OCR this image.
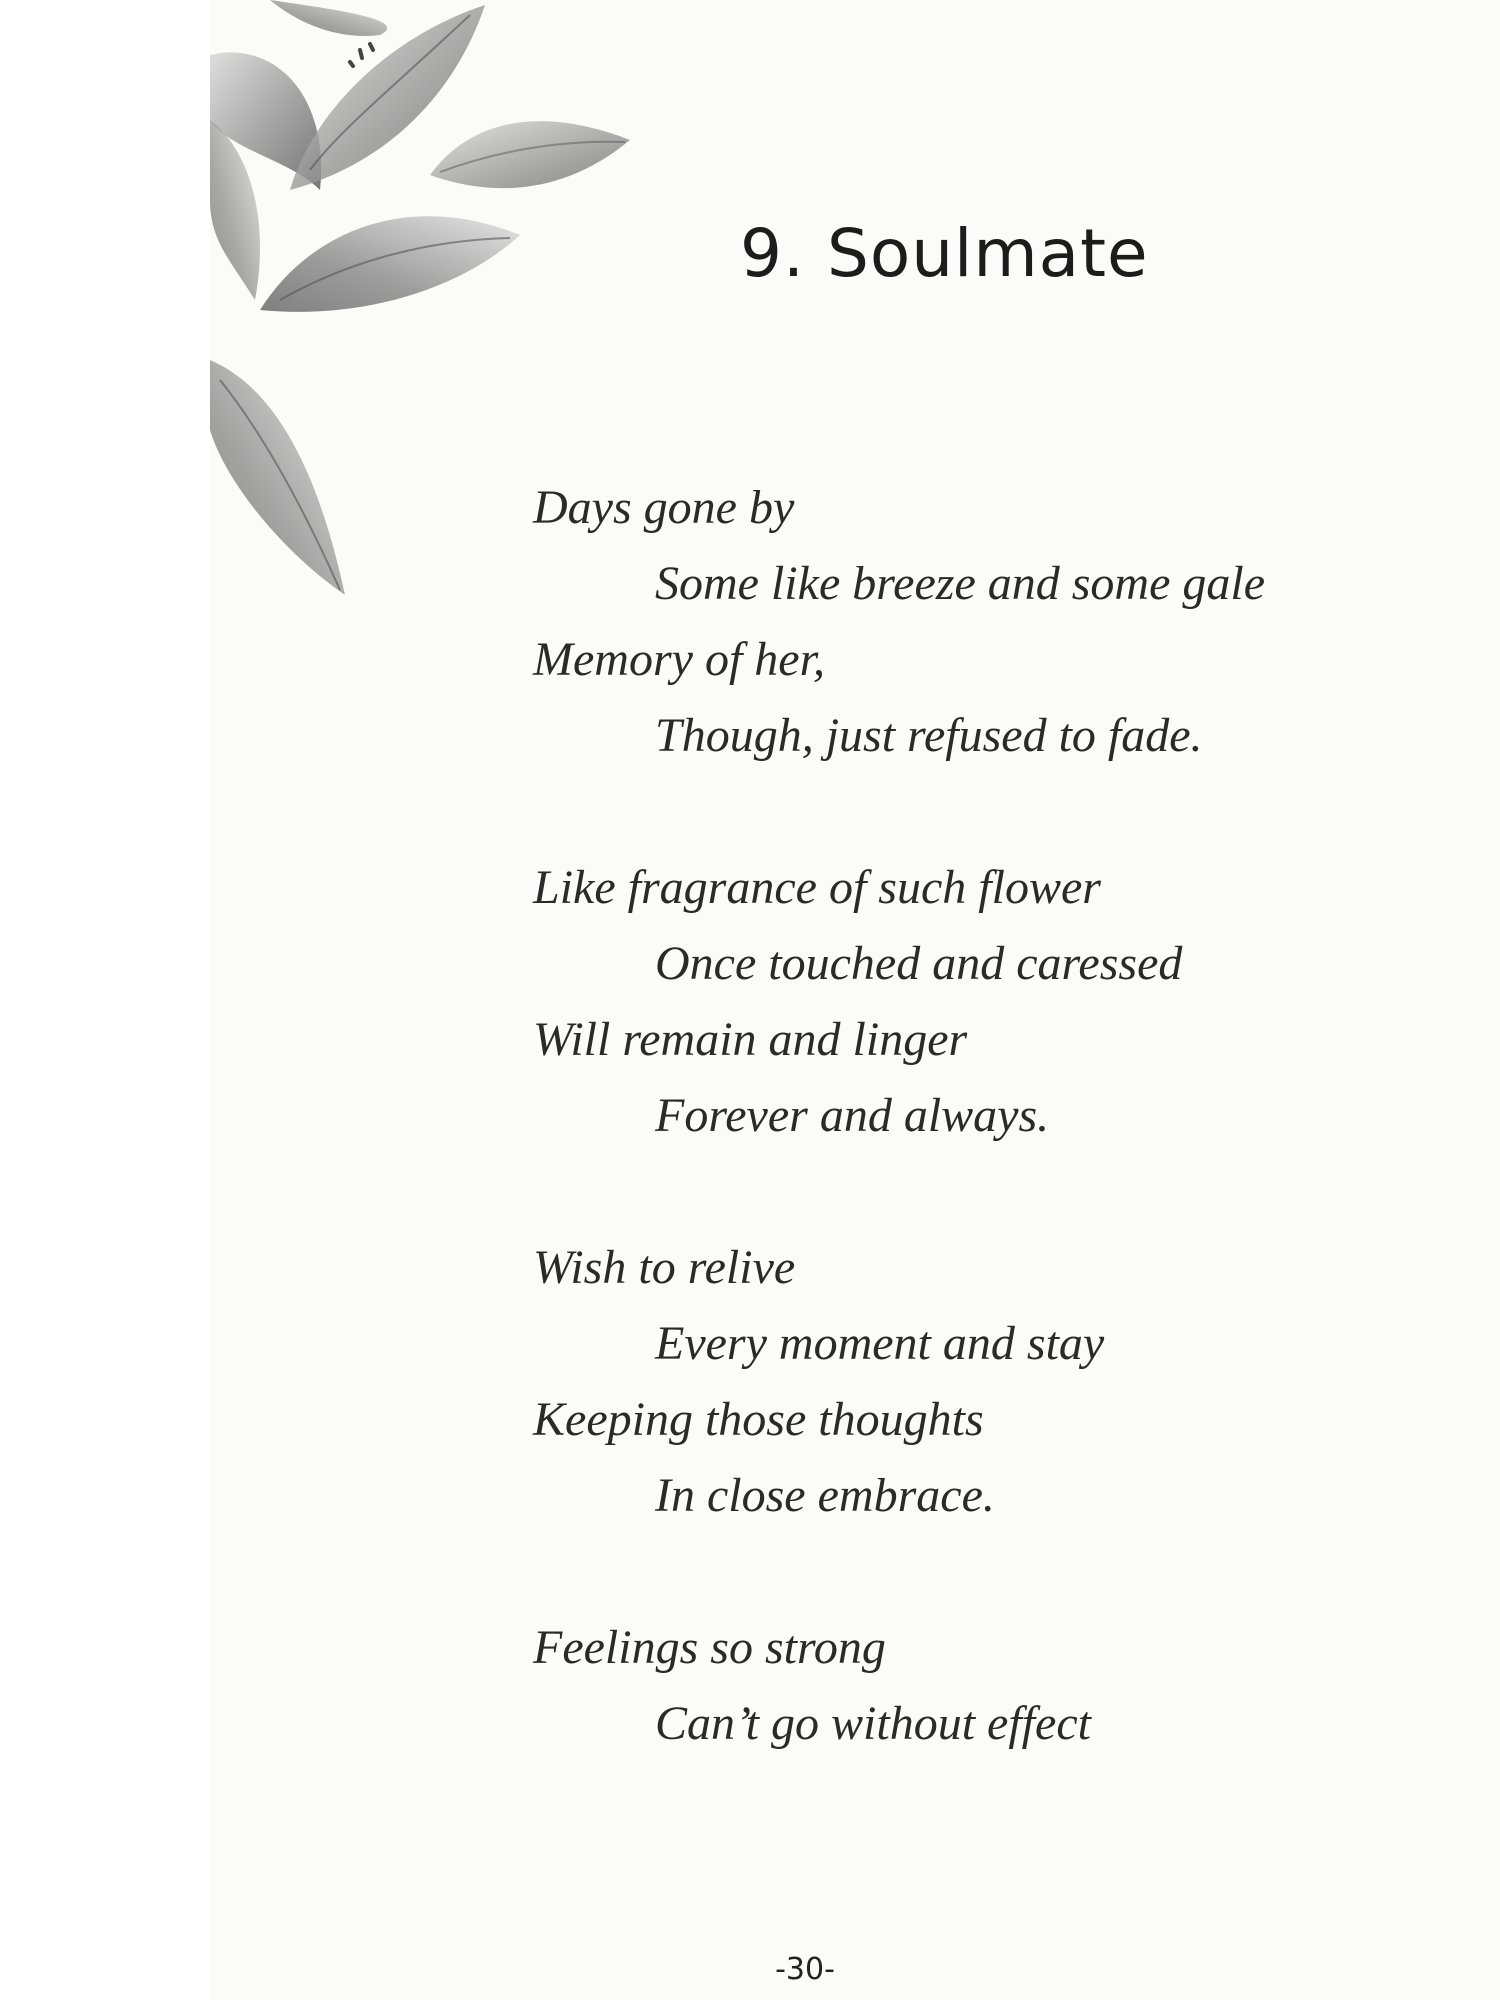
9. Soulmate
Days gone by
Some like breeze and some gale
Memory of her,
Though, just refused to fade.
Like fragrance of such flower
Once touched and caressed
Will remain and linger
Forever and always.
Wish to relive
Every moment and stay
Keeping those thoughts
In close embrace.
Feelings so strong
Can’t go without effect
-30-
